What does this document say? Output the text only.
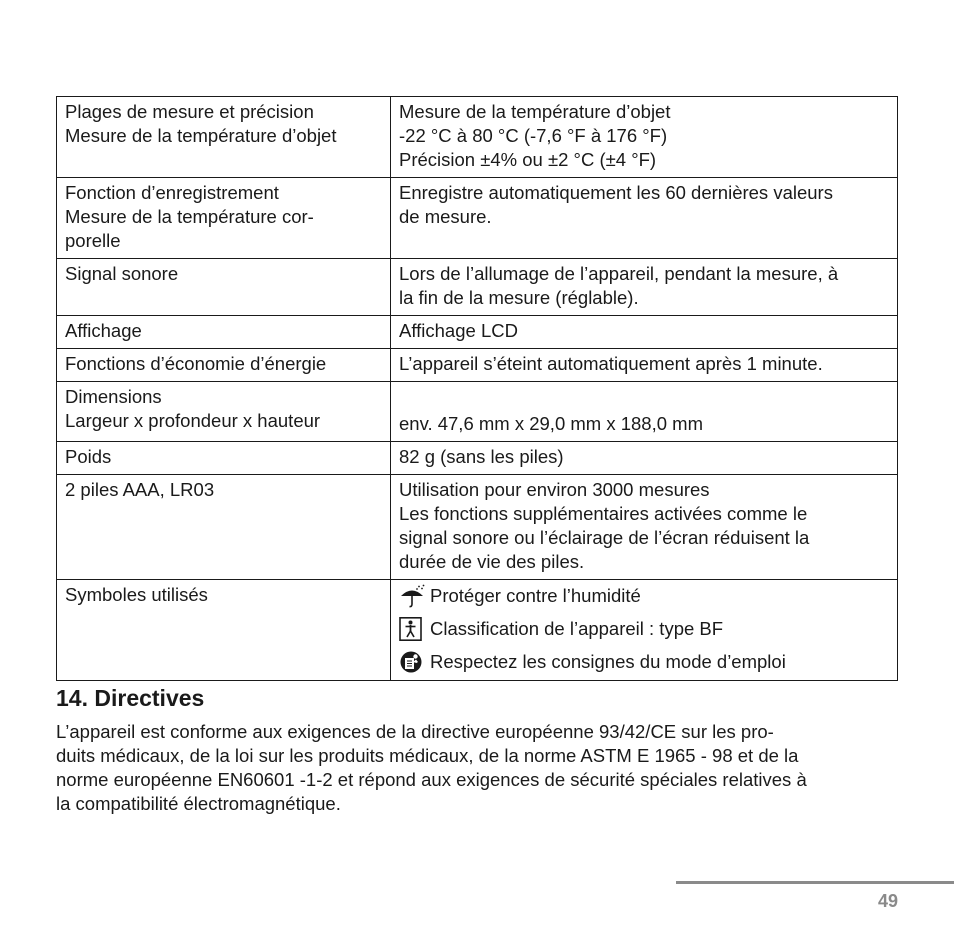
Plages de mesure et précision
Mesure de la température d’objet	Mesure de la température d’objet
-22 °C à 80 °C (-7,6 °F à 176 °F)
Précision ±4% ou ±2 °C (±4 °F)

Fonction d’enregistrement
Mesure de la température cor-
porelle	Enregistre automatiquement les 60 dernières valeurs
de mesure.

Signal sonore	Lors de l’allumage de l’appareil, pendant la mesure, à
la fin de la mesure (réglable).

Affichage	Affichage LCD

Fonctions d’économie d’énergie	L’appareil s’éteint automatiquement après 1 minute.

Dimensions
Largeur x profondeur x hauteur	env. 47,6 mm x 29,0 mm x 188,0 mm

Poids	82 g (sans les piles)

2 piles AAA, LR03	Utilisation pour environ 3000 mesures
Les fonctions supplémentaires activées comme le
signal sonore ou l’éclairage de l’écran réduisent la
durée de vie des piles.

Symboles utilisés	Protéger contre l’humidité
Classification de l’appareil : type BF
Respectez les consignes du mode d’emploi
14. Directives
L’appareil est conforme aux exigences de la directive européenne 93/42/CE sur les pro-
duits médicaux, de la loi sur les produits médicaux, de la norme ASTM E 1965 - 98 et de la
norme européenne EN60601 -1-2 et répond aux exigences de sécurité spéciales relatives à
la compatibilité électromagnétique.
49
